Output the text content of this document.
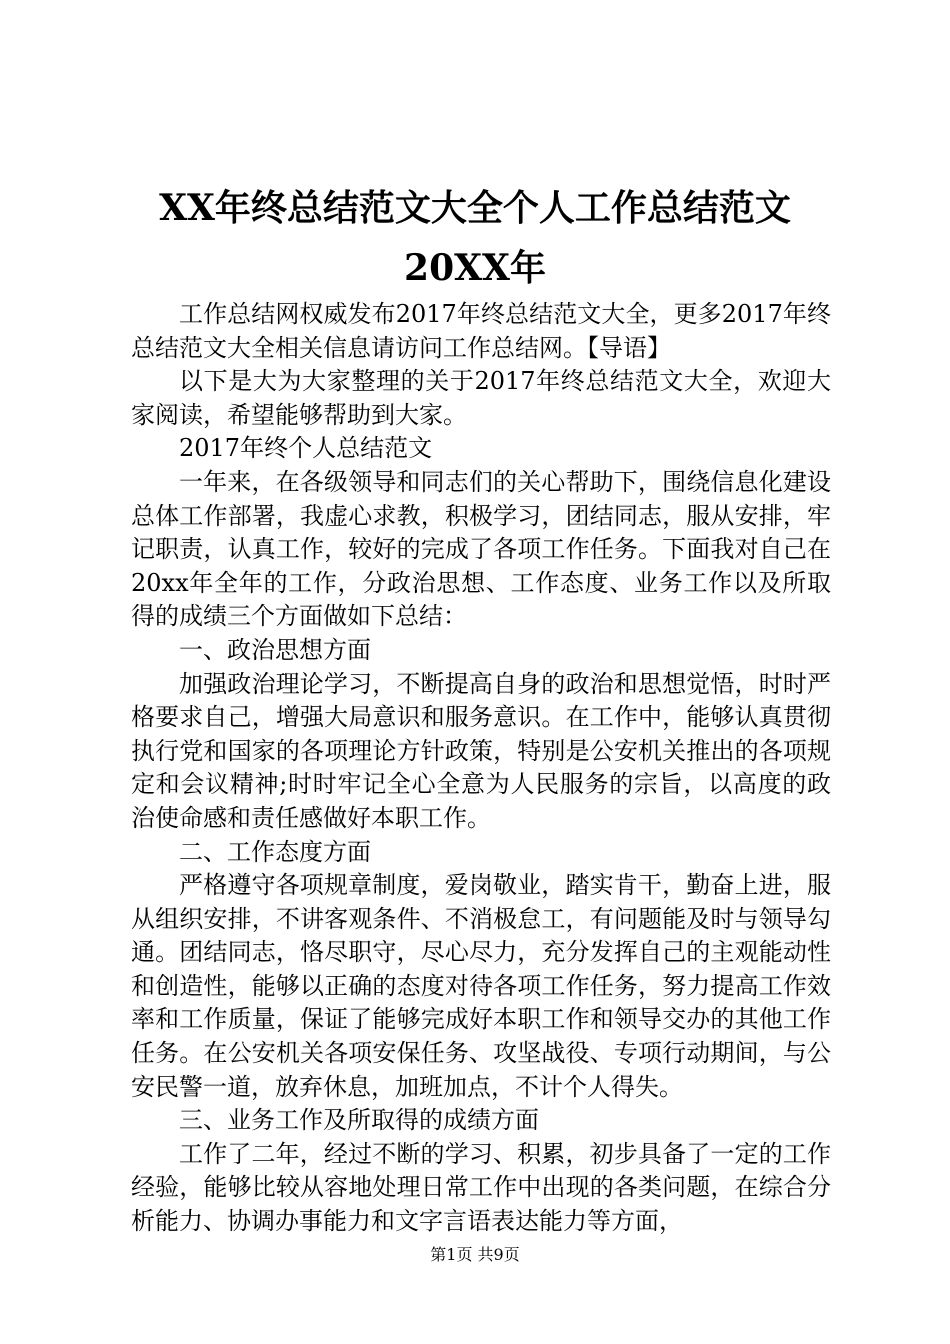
XX年终总结范文大全个人工作总结范文20XX年

工作总结网权威发布2017年终总结范文大全，更多2017年终总结范文大全相关信息请访问工作总结网。【导语】

以下是大为大家整理的关于2017年终总结范文大全，欢迎大家阅读，希望能够帮助到大家。

2017年终个人总结范文

一年来，在各级领导和同志们的关心帮助下，围绕信息化建设总体工作部署，我虚心求教，积极学习，团结同志，服从安排，牢记职责，认真工作，较好的完成了各项工作任务。下面我对自己在20xx年全年的工作，分政治思想、工作态度、业务工作以及所取得的成绩三个方面做如下总结：

一、政治思想方面

加强政治理论学习，不断提高自身的政治和思想觉悟，时时严格要求自己，增强大局意识和服务意识。在工作中，能够认真贯彻执行党和国家的各项理论方针政策，特别是公安机关推出的各项规定和会议精神;时时牢记全心全意为人民服务的宗旨，以高度的政治使命感和责任感做好本职工作。

二、工作态度方面

严格遵守各项规章制度，爱岗敬业，踏实肯干，勤奋上进，服从组织安排，不讲客观条件、不消极怠工，有问题能及时与领导勾通。团结同志，恪尽职守，尽心尽力，充分发挥自己的主观能动性和创造性，能够以正确的态度对待各项工作任务，努力提高工作效率和工作质量，保证了能够完成好本职工作和领导交办的其他工作任务。在公安机关各项安保任务、攻坚战役、专项行动期间，与公安民警一道，放弃休息，加班加点，不计个人得失。

三、业务工作及所取得的成绩方面

工作了二年，经过不断的学习、积累，初步具备了一定的工作经验，能够比较从容地处理日常工作中出现的各类问题，在综合分析能力、协调办事能力和文字言语表达能力等方面，

第1页 共9页
